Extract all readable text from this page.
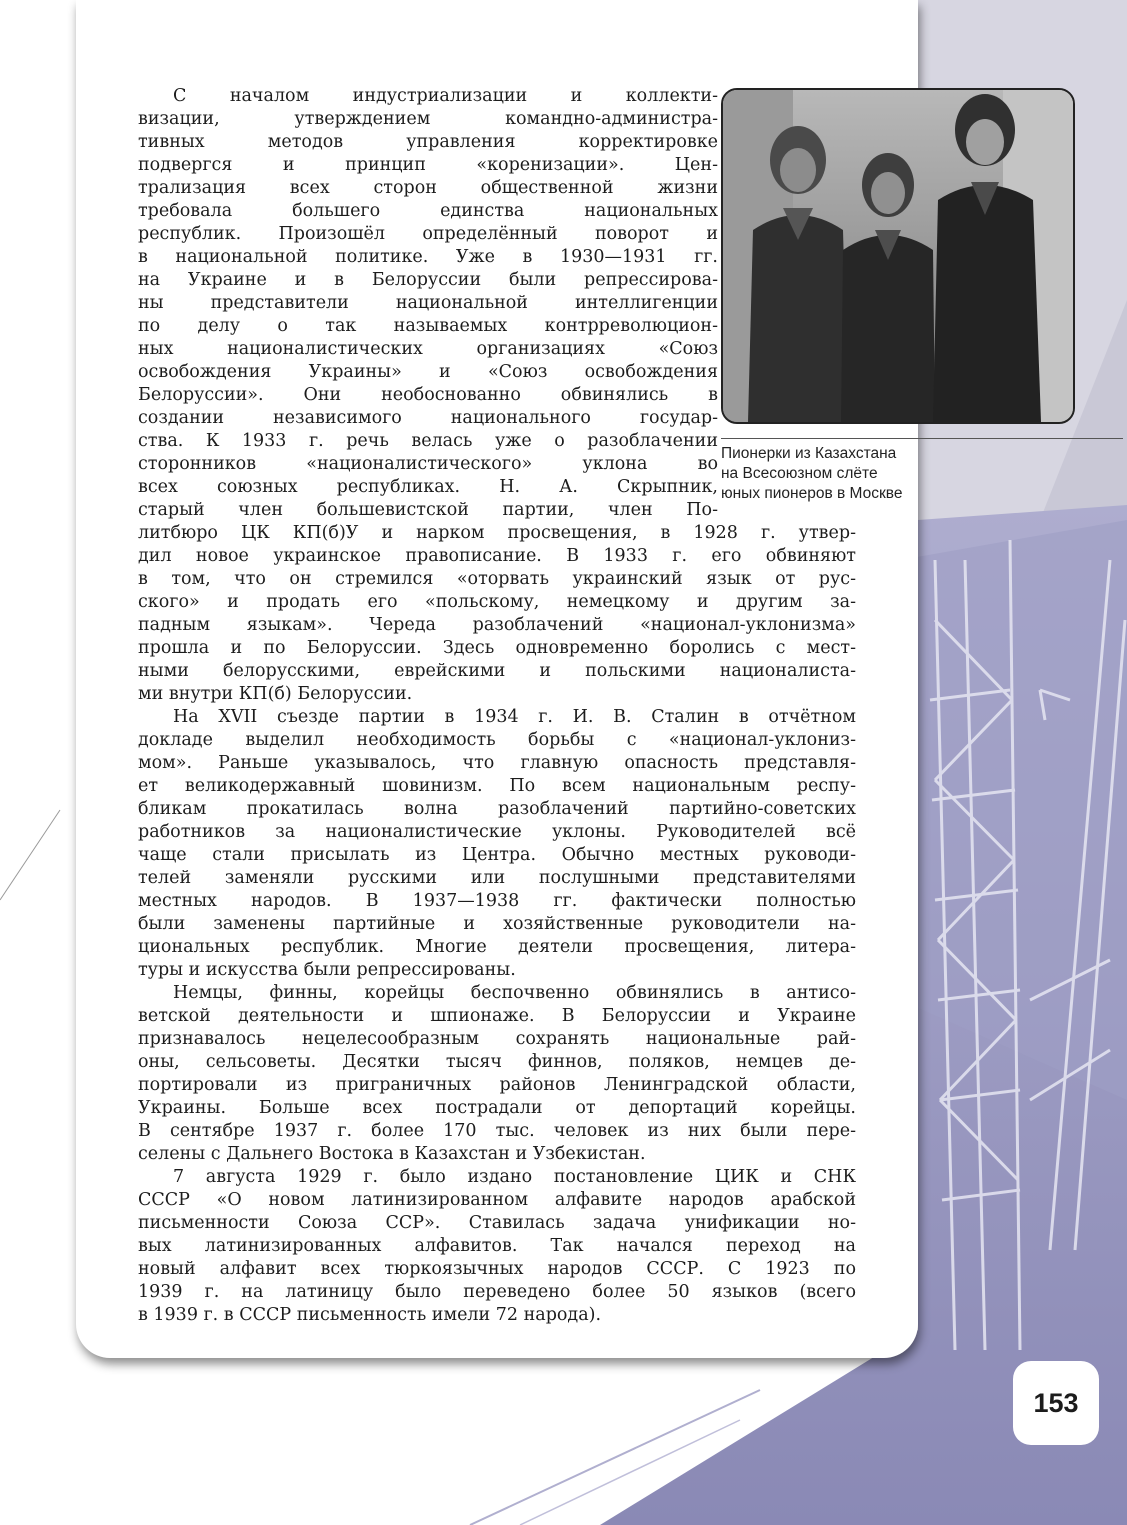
Пионерки из Казахстана
на Всесоюзном слёте
юных пионеров в Москве
С началом индустриализации и коллекти-
визации, утверждением командно-администра-
тивных методов управления корректировке
подвергся и принцип «коренизации». Цен-
трализация всех сторон общественной жизни
требовала большего единства национальных
республик. Произошёл определённый поворот и
в национальной политике. Уже в 1930—1931 гг.
на Украине и в Белоруссии были репрессирова-
ны представители национальной интеллигенции
по делу о так называемых контрреволюцион-
ных националистических организациях «Союз
освобождения Украины» и «Союз освобождения
Белоруссии». Они необоснованно обвинялись в
создании независимого национального государ-
ства. К 1933 г. речь велась уже о разоблачении
сторонников «националистического» уклона во
всех союзных республиках. Н. А. Скрыпник,
старый член большевистской партии, член По-
литбюро ЦК КП(б)У и нарком просвещения, в 1928 г. утвер-
дил новое украинское правописание. В 1933 г. его обвиняют
в том, что он стремился «оторвать украинский язык от рус-
ского» и продать его «польскому, немецкому и другим за-
падным языкам». Череда разоблачений «национал-уклонизма»
прошла и по Белоруссии. Здесь одновременно боролись с мест-
ными белорусскими, еврейскими и польскими националиста-
ми внутри КП(б) Белоруссии.
На XVII съезде партии в 1934 г. И. В. Сталин в отчётном
докладе выделил необходимость борьбы с «национал-уклониз-
мом». Раньше указывалось, что главную опасность представля-
ет великодержавный шовинизм. По всем национальным респу-
бликам прокатилась волна разоблачений партийно-советских
работников за националистические уклоны. Руководителей всё
чаще стали присылать из Центра. Обычно местных руководи-
телей заменяли русскими или послушными представителями
местных народов. В 1937—1938 гг. фактически полностью
были заменены партийные и хозяйственные руководители на-
циональных республик. Многие деятели просвещения, литера-
туры и искусства были репрессированы.
Немцы, финны, корейцы беспочвенно обвинялись в антисо-
ветской деятельности и шпионаже. В Белоруссии и Украине
признавалось нецелесообразным сохранять национальные рай-
оны, сельсоветы. Десятки тысяч финнов, поляков, немцев де-
портировали из приграничных районов Ленинградской области,
Украины. Больше всех пострадали от депортаций корейцы.
В сентябре 1937 г. более 170 тыс. человек из них были пере-
селены с Дальнего Востока в Казахстан и Узбекистан.
7 августа 1929 г. было издано постановление ЦИК и СНК
СССР «О новом латинизированном алфавите народов арабской
письменности Союза ССР». Ставилась задача унификации но-
вых латинизированных алфавитов. Так начался переход на
новый алфавит всех тюркоязычных народов СССР. С 1923 по
1939 г. на латиницу было переведено более 50 языков (всего
в 1939 г. в СССР письменность имели 72 народа).
153
